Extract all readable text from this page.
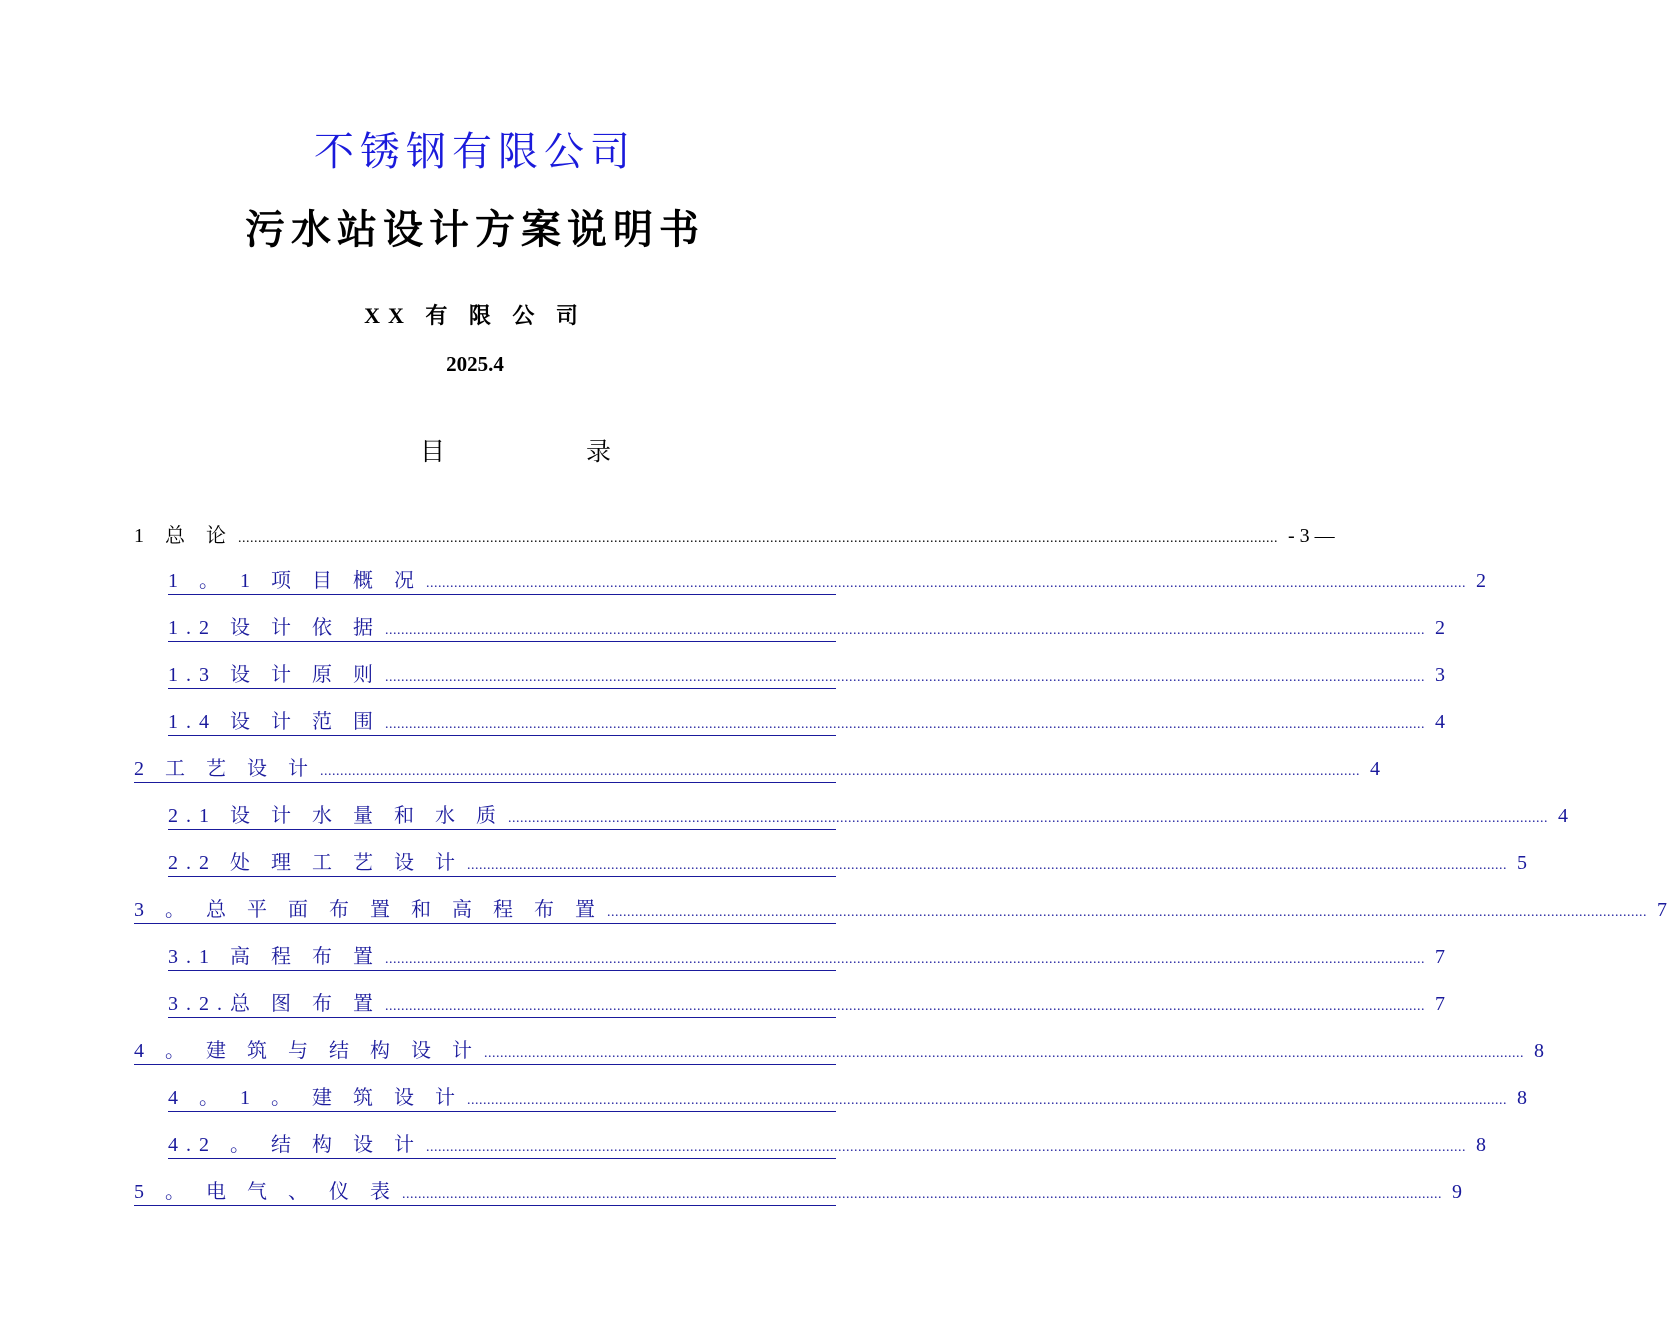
不锈钢有限公司
污水站设计方案说明书
XX 有 限 公 司
2025.4
目	录
1 总 论 .................................................................................................................................................................................................................................................................... - 3 —
1 。 1 项 目 概 况 .................................................................................................................................................................................................................................................................... 2
1.2 设 计 依 据 .................................................................................................................................................................................................................................................................... 2
1.3 设 计 原 则 .................................................................................................................................................................................................................................................................... 3
1.4 设 计 范 围 .................................................................................................................................................................................................................................................................... 4
2 工 艺 设 计 .................................................................................................................................................................................................................................................................... 4
2.1 设 计 水 量 和 水 质 .................................................................................................................................................................................................................................................................... 4
2.2 处 理 工 艺 设 计 .................................................................................................................................................................................................................................................................... 5
3 。 总 平 面 布 置 和 高 程 布 置 .................................................................................................................................................................................................................................................................... 7
3.1 高 程 布 置 .................................................................................................................................................................................................................................................................... 7
3.2.总 图 布 置 .................................................................................................................................................................................................................................................................... 7
4 。 建 筑 与 结 构 设 计 .................................................................................................................................................................................................................................................................... 8
4 。 1 。 建 筑 设 计 .................................................................................................................................................................................................................................................................... 8
4.2 。 结 构 设 计 .................................................................................................................................................................................................................................................................... 8
5 。 电 气 、 仪 表 .................................................................................................................................................................................................................................................................... 9
